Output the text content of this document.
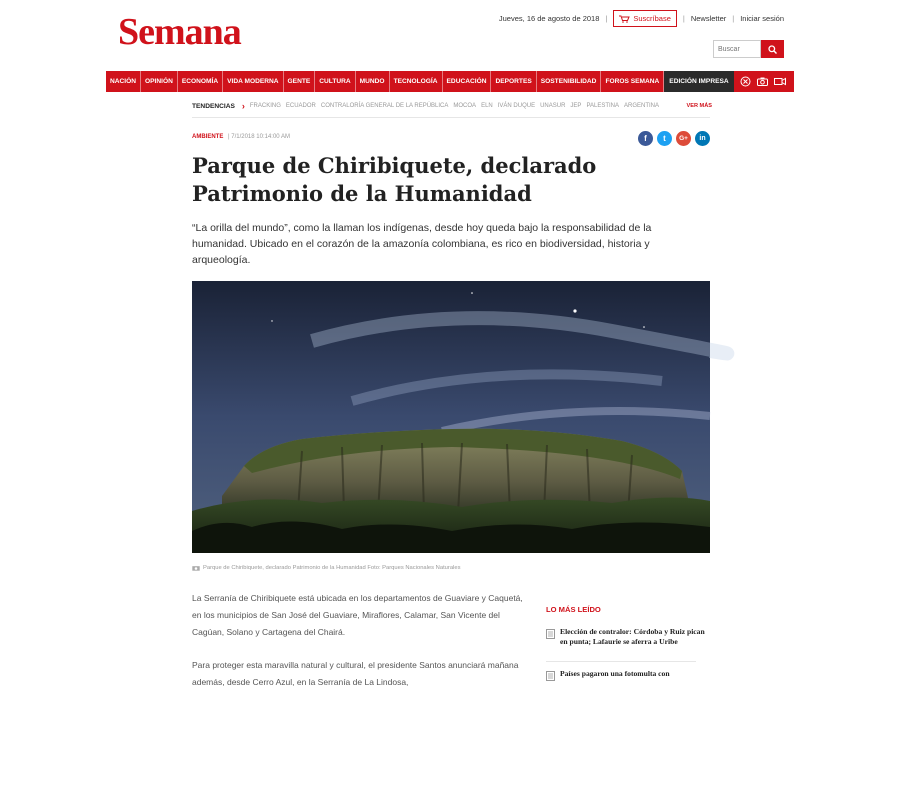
Semana	Jueves, 16 de agosto de 2018 |	Suscríbase | Newsletter | Iniciar sesión
Buscar
NACIÓN	OPINIÓN	ECONOMÍA	VIDA MODERNA	GENTE	CULTURA	MUNDO	TECNOLOGÍA	EDUCACIÓN	DEPORTES	SOSTENIBILIDAD	FOROS SEMANA	EDICIÓN IMPRESA
TENDENCIAS › FRACKING ECUADOR CONTRALORÍA GENERAL DE LA REPÚBLICA MOCOA ELN IVÁN DUQUE UNASUR JEP PALESTINA ARGENTINA	VER MÁS
AMBIENTE | 7/1/2018 10:14:00 AM	f	t	G+	in
Parque de Chiribiquete, declarado Patrimonio de la Humanidad

“La orilla del mundo”, como la llaman los indígenas, desde hoy queda bajo la responsabilidad de la humanidad. Ubicado en el corazón de la amazonía colombiana, es rico en biodiversidad, historia y arqueología.

Parque de Chiribiquete, declarado Patrimonio de la Humanidad Foto: Parques Nacionales Naturales

La Serranía de Chiribiquete está ubicada en los departamentos de Guaviare y Caquetá, en los municipios de San José del Guaviare, Miraflores, Calamar, San Vicente del Cagúan, Solano y Cartagena del Chairá.

Para proteger esta maravilla natural y cultural, el presidente Santos anunciará mañana además, desde Cerro Azul, en la Serranía de La Lindosa,

LO MÁS LEÍDO
Elección de contralor: Córdoba y Ruiz pican en punta; Lafaurie se aferra a Uribe
Países pagaron una fotomulta con
